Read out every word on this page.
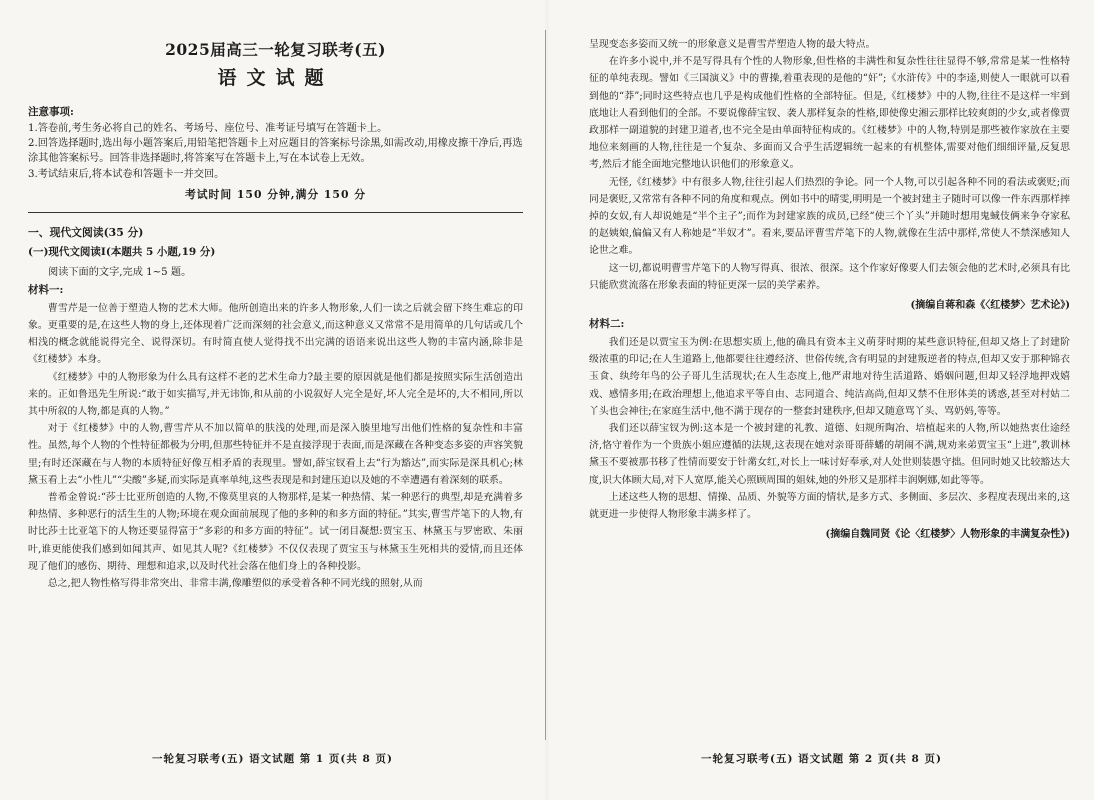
2025届高三一轮复习联考(五)
语文试题

注意事项:

1.答卷前,考生务必将自己的姓名、考场号、座位号、准考证号填写在答题卡上。

2.回答选择题时,选出每小题答案后,用铅笔把答题卡上对应题目的答案标号涂黑,如需改动,用橡皮擦干净后,再选涂其他答案标号。回答非选择题时,将答案写在答题卡上,写在本试卷上无效。

3.考试结束后,将本试卷和答题卡一并交回。

考试时间 150 分钟,满分 150 分

一、现代文阅读(35 分)

(一)现代文阅读Ⅰ(本题共 5 小题,19 分)

阅读下面的文字,完成 1~5 题。

材料一:

曹雪芹是一位善于塑造人物的艺术大师。他所创造出来的许多人物形象,人们一读之后就会留下终生难忘的印象。更重要的是,在这些人物的身上,还体现着广泛而深刻的社会意义,而这种意义又常常不是用简单的几句话或几个相浅的概念就能说得完全、说得深切。有时简直使人觉得找不出完满的语语来说出这些人物的丰富内涵,除非是《红楼梦》本身。

《红楼梦》中的人物形象为什么具有这样不老的艺术生命力?最主要的原因就是他们都是按照实际生活创造出来的。正如鲁迅先生所说:“敢于如实描写,并无讳饰,和从前的小说叙好人完全是好,坏人完全是坏的,大不相同,所以其中所叙的人物,都是真的人物。”

对于《红楼梦》中的人物,曹雪芹从不加以简单的肤浅的处理,而是深入腠里地写出他们性格的复杂性和丰富性。虽然,每个人物的个性特征都极为分明,但那些特征并不是直接浮现于表面,而是深藏在各种变态多姿的声容笑貌里;有时还深藏在与人物的本质特征好像互相矛盾的表现里。譬如,薛宝钗看上去“行为豁达”,而实际是深具机心;林黛玉看上去“小性儿”“尖酸”多疑,而实际是真率单纯,这些表现是和封建压迫以及她的不幸遭遇有着深刻的联系。

普希金曾说:“莎士比亚所创造的人物,不像莫里哀的人物那样,是某一种热情、某一种恶行的典型,却是充满着多种热情、多种恶行的活生生的人物;环境在观众面前展现了他的多种的和多方面的特征。”其实,曹雪芹笔下的人物,有时比莎士比亚笔下的人物还要显得富于“多彩的和多方面的特征”。试一闭目凝想:贾宝玉、林黛玉与罗密欧、朱丽叶,谁更能使我们感到如闻其声、如见其人呢?《红楼梦》不仅仅表现了贾宝玉与林黛玉生死相共的爱情,而且还体现了他们的感伤、期待、理想和追求,以及时代社会落在他们身上的各种投影。

总之,把人物性格写得非常突出、非常丰满,像雕塑似的承受着各种不同光线的照射,从而

一轮复习联考(五) 语文试题 第 1 页(共 8 页)

呈现变态多姿而又统一的形象意义是曹雪芹塑造人物的最大特点。

在许多小说中,并不是写得具有个性的人物形象,但性格的丰满性和复杂性往往显得不够,常常是某一性格特征的单纯表现。譬如《三国演义》中的曹操,着重表现的是他的“奸”;《水浒传》中的李逵,则使人一眼就可以看到他的“莽”;同时这些特点也几乎是构成他们性格的全部特征。但是,《红楼梦》中的人物,往往不是这样一牢到底地让人看到他们的全部。不要说像薛宝钗、袭人那样复杂的性格,即使像史湘云那样比较爽朗的少女,或者像贾政那样一副道貌的封建卫道者,也不完全是由单面特征构成的。《红楼梦》中的人物,特别是那些被作家放在主要地位来刻画的人物,往往是一个复杂、多面而又合乎生活逻辑统一起来的有机整体,需要对他们细细评量,反复思考,然后才能全面地完整地认识他们的形象意义。

无怪,《红楼梦》中有很多人物,往往引起人们热烈的争论。同一个人物,可以引起各种不同的看法或褒贬;而同是褒贬,又常常有各种不同的角度和观点。例如书中的晴雯,明明是一个被封建主子随时可以像一件东西那样摔掉的女奴,有人却说她是“半个主子”;而作为封建家族的成员,已经“使三个丫头”并随时想用鬼蜮伎俩来争夺家私的赵姨娘,偏偏又有人称她是“半奴才”。看来,要品评曹雪芹笔下的人物,就像在生活中那样,常使人不禁深感知人论世之难。

这一切,都说明曹雪芹笔下的人物写得真、很浓、很深。这个作家好像要人们去领会他的艺术时,必须具有比只能欣赏流落在形象表面的特征更深一层的美学素养。

(摘编自蒋和森《〈红楼梦〉艺术论》)

材料二:

我们还是以贾宝玉为例:在思想实质上,他的确具有资本主义萌芽时期的某些意识特征,但却又烙上了封建阶级浓重的印记;在人生道路上,他都要往往遵经济、世俗传统,含有明显的封建叛逆者的特点,但却又安于那种锦衣玉食、纨绔年鸟的公子哥儿生活现状;在人生态度上,他严肃地对待生活道路、婚姻问题,但却又轻浮地押戏嬉戏、感情多用;在政治理想上,他追求平等自由、志同道合、纯洁高尚,但却又禁不住形体美的诱惑,甚至对村姑二丫头也会神往;在家庭生活中,他不满于现存的一整套封建秩序,但却又随意骂丫头、骂奶妈,等等。

我们还以薛宝钗为例:这本是一个被封建的礼教、道德、妇规所陶冶、培植起来的人物,所以她热衷仕途经济,恪守着作为一个贵族小姐应遵循的法规,这表现在她对亲哥哥薛蟠的胡闹不满,规劝来弟贾宝玉“上进”,教训林黛玉不要被那书移了性情而要安于针黹女红,对长上一味讨好奉承,对人处世则装愚守拙。但同时她又比较豁达大度,识大体顾大局,对下人宽厚,能关心照顾周围的姐妹,她的外形又是那样丰润婀娜,如此等等。

上述这些人物的思想、情操、品质、外貌等方面的情状,是多方式、多侧面、多层次、多程度表现出来的,这就更进一步使得人物形象丰满多样了。

(摘编自魏同贤《论〈红楼梦〉人物形象的丰满复杂性》)

一轮复习联考(五) 语文试题 第 2 页(共 8 页)
